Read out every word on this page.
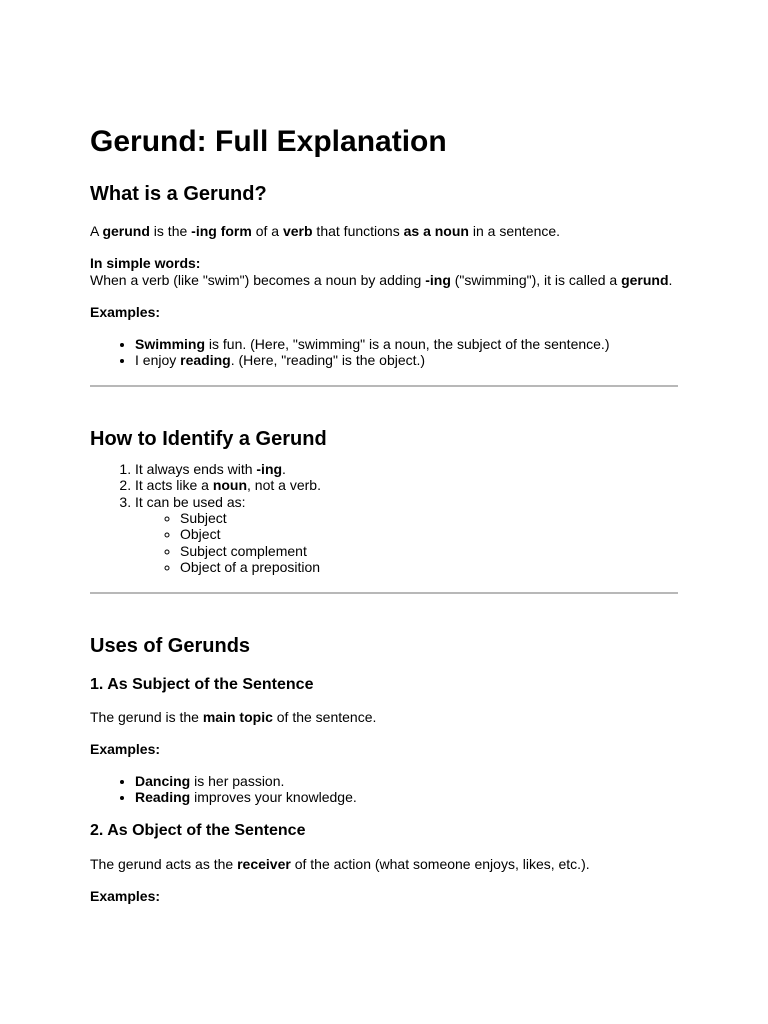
Gerund: Full Explanation
What is a Gerund?

A gerund is the -ing form of a verb that functions as a noun in a sentence.

In simple words:

When a verb (like "swim") becomes a noun by adding -ing ("swimming"), it is called a gerund.

Examples:

• Swimming is fun. (Here, "swimming" is a noun, the subject of the sentence.)
• I enjoy reading. (Here, "reading" is the object.)
How to Identify a Gerund
1. It always ends with -ing.
2. It acts like a noun, not a verb.
3. It can be used as:
◦ Subject
◦ Object
◦ Subject complement
◦ Object of a preposition
Uses of Gerunds
1. As Subject of the Sentence

The gerund is the main topic of the sentence.

Examples:

• Dancing is her passion.
• Reading improves your knowledge.
2. As Object of the Sentence

The gerund acts as the receiver of the action (what someone enjoys, likes, etc.).

Examples:
